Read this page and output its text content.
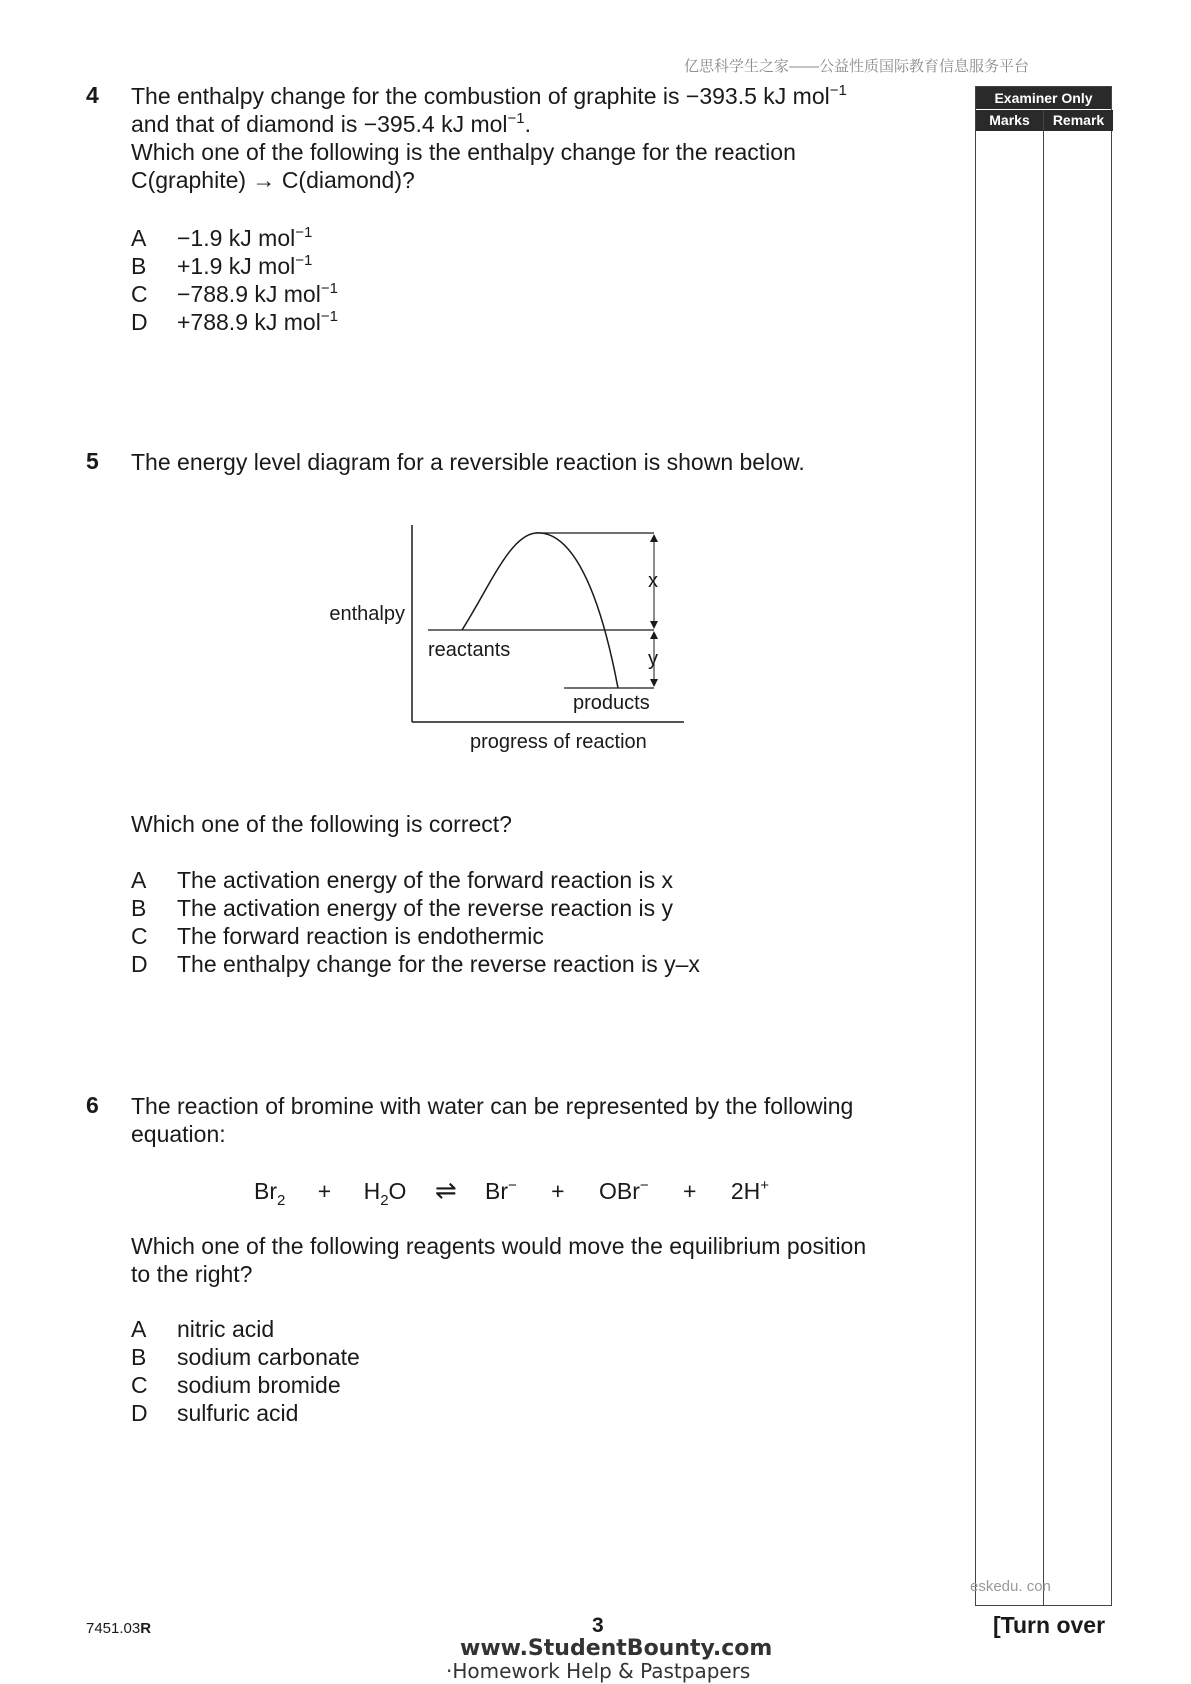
亿思科学生之家——公益性质国际教育信息服务平台
Examiner Only
Marks	Remark
4 The enthalpy change for the combustion of graphite is −393.5 kJ mol$^{-1}$
and that of diamond is −395.4 kJ mol$^{-1}$.
Which one of the following is the enthalpy change for the reaction
C(graphite) → C(diamond)?
A −1.9 kJ mol$^{-1}$
B +1.9 kJ mol$^{-1}$
C −788.9 kJ mol$^{-1}$
D +788.9 kJ mol$^{-1}$
5 The energy level diagram for a reversible reaction is shown below.
x
y
enthalpy
reactants
products
progress of reaction
Which one of the following is correct?
A The activation energy of the forward reaction is x
B The activation energy of the reverse reaction is y
C The forward reaction is endothermic
D The enthalpy change for the reverse reaction is y–x
6 The reaction of bromine with water can be represented by the following
equation:
$Br_2 + H_2O$ ⇌ Br− + OBr− + 2H+
Which one of the following reagents would move the equilibrium position
to the right?
A nitric acid
B sodium carbonate
C sodium bromide
D sulfuric acid
eskedu. con
7451.03R	3	[Turn over
www.StudentBounty.com
·Homework Help & Pastpapers
